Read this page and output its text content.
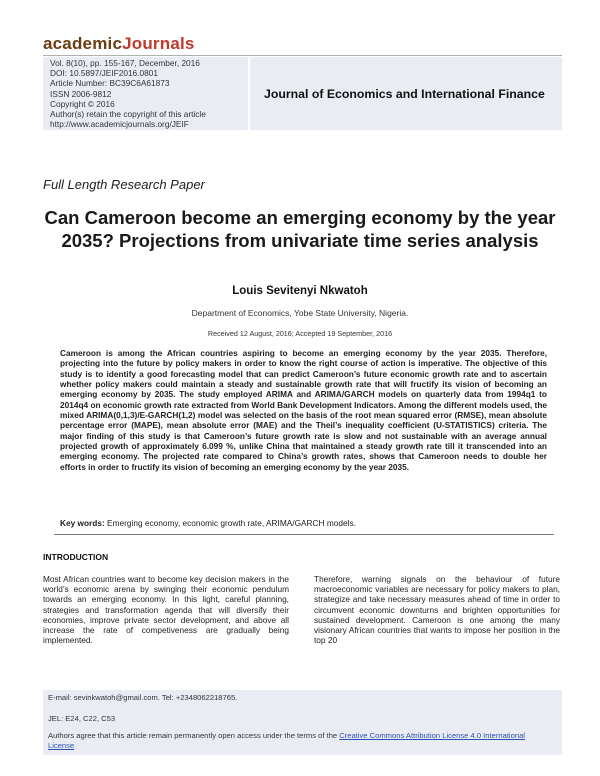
academicJournals
Vol. 8(10), pp. 155-167, December, 2016
DOI: 10.5897/JEIF2016.0801
Article Number: BC39C6A61873
ISSN 2006-9812
Copyright © 2016
Author(s) retain the copyright of this article
http://www.academicjournals.org/JEIF
Journal of Economics and International Finance
Full Length Research Paper
Can Cameroon become an emerging economy by the year 2035? Projections from univariate time series analysis
Louis Sevitenyi Nkwatoh
Department of Economics, Yobe State University, Nigeria.
Received 12 August, 2016; Accepted 19 September, 2016
Cameroon is among the African countries aspiring to become an emerging economy by the year 2035. Therefore, projecting into the future by policy makers in order to know the right course of action is imperative. The objective of this study is to identify a good forecasting model that can predict Cameroon’s future economic growth rate and to ascertain whether policy makers could maintain a steady and sustainable growth rate that will fructify its vision of becoming an emerging economy by 2035. The study employed ARIMA and ARIMA/GARCH models on quarterly data from 1994q1 to 2014q4 on economic growth rate extracted from World Bank Development Indicators. Among the different models used, the mixed ARIMA(0,1,3)/E-GARCH(1,2) model was selected on the basis of the root mean squared error (RMSE), mean absolute percentage error (MAPE), mean absolute error (MAE) and the Theil’s inequality coefficient (U-STATISTICS) criteria. The major finding of this study is that Cameroon’s future growth rate is slow and not sustainable with an average annual projected growth of approximately 6.099 %, unlike China that maintained a steady growth rate till it transcended into an emerging economy. The projected rate compared to China’s growth rates, shows that Cameroon needs to double her efforts in order to fructify its vision of becoming an emerging economy by the year 2035.
Key words: Emerging economy, economic growth rate, ARIMA/GARCH models.
INTRODUCTION
Most African countries want to become key decision makers in the world’s economic arena by swinging their economic pendulum towards an emerging economy. In this light, careful planning, strategies and transformation agenda that will diversify their economies, improve private sector development, and above all increase the rate of competiveness are gradually being implemented.
Therefore, warning signals on the behaviour of future macroeconomic variables are necessary for policy makers to plan, strategize and take necessary measures ahead of time in order to circumvent economic downturns and brighten opportunities for sustained development. Cameroon is one among the many visionary African countries that wants to impose her position in the top 20
E-mail: sevinkwatoh@gmail.com. Tel: +2348062218765.
JEL: E24, C22, C53
Authors agree that this article remain permanently open access under the terms of the Creative Commons Attribution License 4.0 International License
